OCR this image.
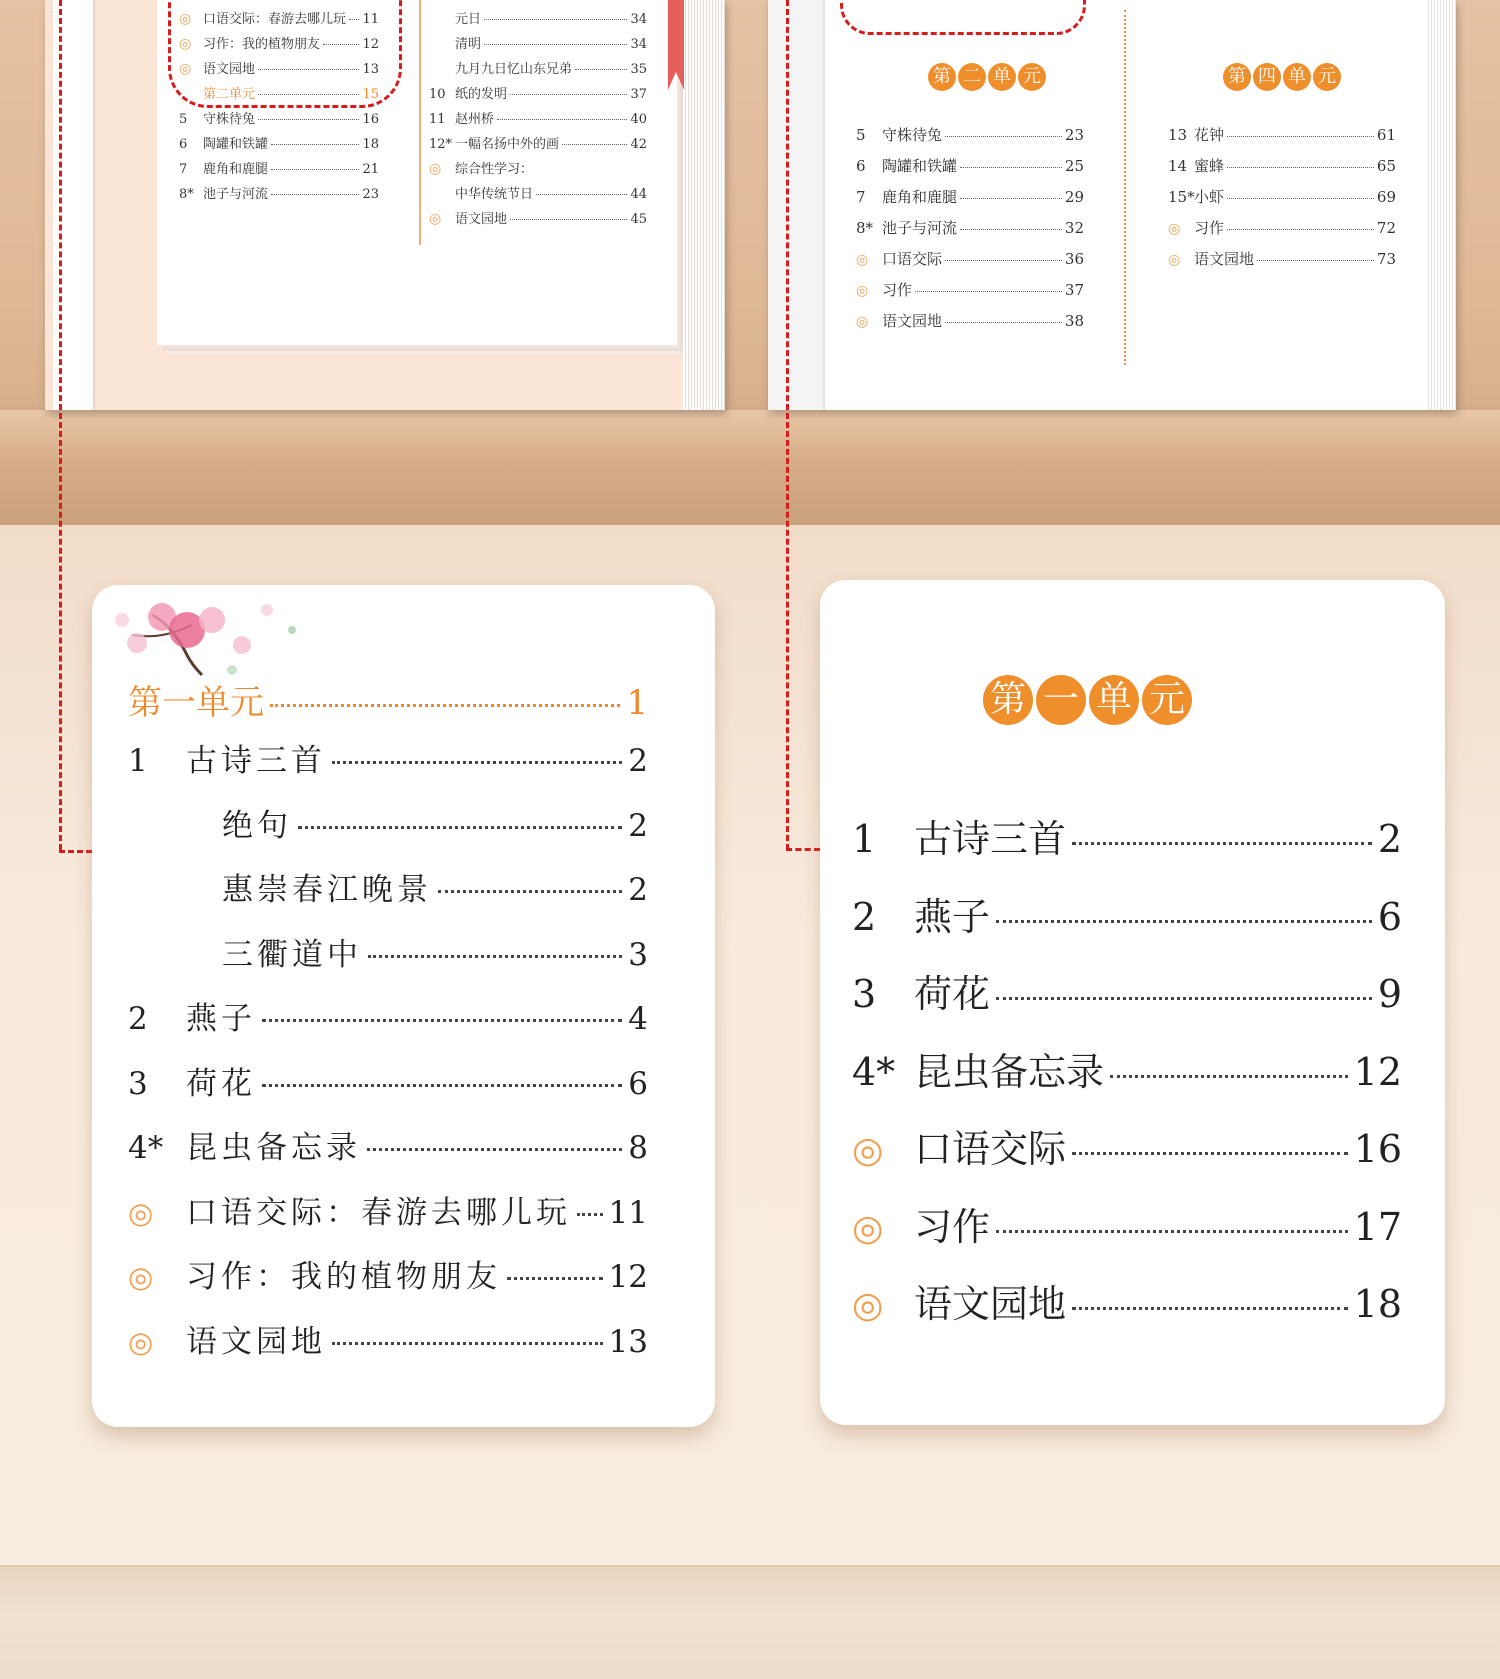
◎ 口语交际：春游去哪儿玩 11
◎ 习作：我的植物朋友	12
◎ 语文园地	13
第二单元	15
5	守株待兔	16
6	陶罐和铁罐	18
7	鹿角和鹿腿	21
8* 池子与河流	23
元日	34
清明	34
九月九日忆山东兄弟	35
10 纸的发明	37
11 赵州桥	40
12* 一幅名扬中外的画	42
◎	综合性学习：
中华传统节日	44
◎	语文园地	45
第 二 单 元	第 四 单 元
5	守株待兔	23
6	陶罐和铁罐	25
7	鹿角和鹿腿	29
8* 池子与河流	32
◎ 口语交际	36
◎ 习作	37
◎ 语文园地	38
13 花钟	61
14 蜜蜂	65
15* 小虾	69
◎ 习作	72
◎ 语文园地	73
第一单元	1
1	古诗三首	2
绝句	2
惠崇春江晚景	2
三衢道中	3
2	燕子	4
3	荷花	6
4* 昆虫备忘录	8
◎	口语交际：春游去哪儿玩 11
◎	习作：我的植物朋友	12
◎	语文园地	13
第 一 单 元
1 古诗三首	2
2 燕子	6
3 荷花	9
4* 昆虫备忘录	12
◎ 口语交际	16
◎ 习作	17
◎ 语文园地	18
